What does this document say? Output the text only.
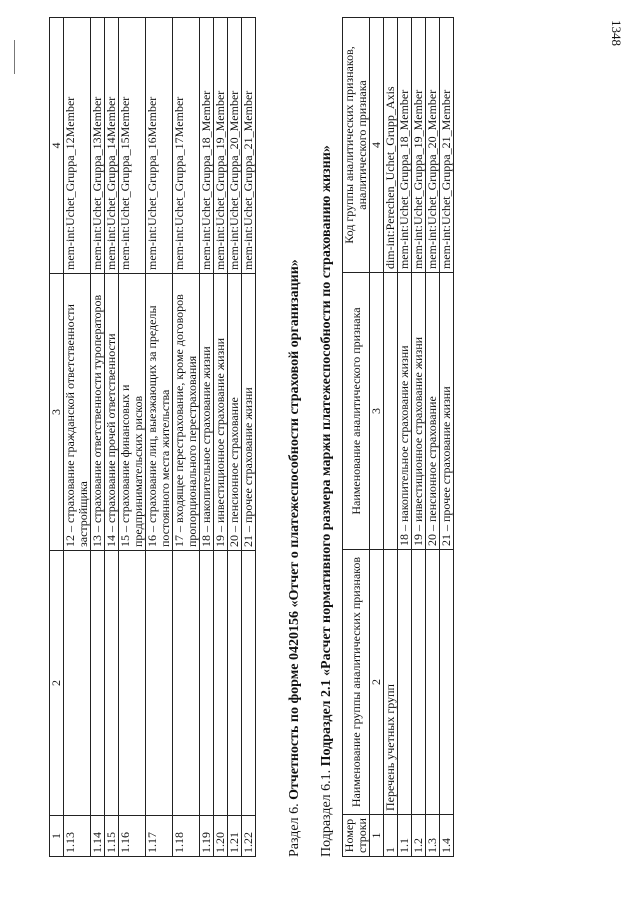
1348
1	2	3	4
1.13		12 – страхование гражданской ответственности застройщика	mem-int:Uchet_Gruppa_12Member
1.14		13 – страхование ответственности туроператоров	mem-int:Uchet_Gruppa_13Member
1.15		14 – страхование прочей ответственности	mem-int:Uchet_Gruppa_14Member
1.16		15 – страхование финансовых и предпринимательских рисков	mem-int:Uchet_Gruppa_15Member
1.17		16 – страхование лиц, выезжающих за пределы постоянного места жительства	mem-int:Uchet_Gruppa_16Member
1.18		17 – входящее перестрахование, кроме договоров пропорционального перестрахования	mem-int:Uchet_Gruppa_17Member
1.19		18 – накопительное страхование жизни	mem-int:Uchet_Gruppa_18_Member
1.20		19 – инвестиционное страхование жизни	mem-int:Uchet_Gruppa_19_Member
1.21		20 – пенсионное страхование	mem-int:Uchet_Gruppa_20_Member
1.22		21 – прочее страхование жизни	mem-int:Uchet_Gruppa_21_Member
Раздел 6. Отчетность по форме 0420156 «Отчет о платежеспособности страховой организации»
Подраздел 6.1. Подраздел 2.1 «Расчет нормативного размера маржи платежеспособности по страхованию жизни»
Номер строки	Наименование группы аналитических признаков	Наименование аналитического признака	Код группы аналитических признаков, аналитического признака
1	2	3	4
1	Перечень учетных групп		dim-int:Perechen_Uchet_Grupp_Axis
1.1		18 – накопительное страхование жизни	mem-int:Uchet_Gruppa_18_Member
1.2		19 – инвестиционное страхование жизни	mem-int:Uchet_Gruppa_19_Member
1.3		20 – пенсионное страхование	mem-int:Uchet_Gruppa_20_Member
1.4		21 – прочее страхование жизни	mem-int:Uchet_Gruppa_21_Member
